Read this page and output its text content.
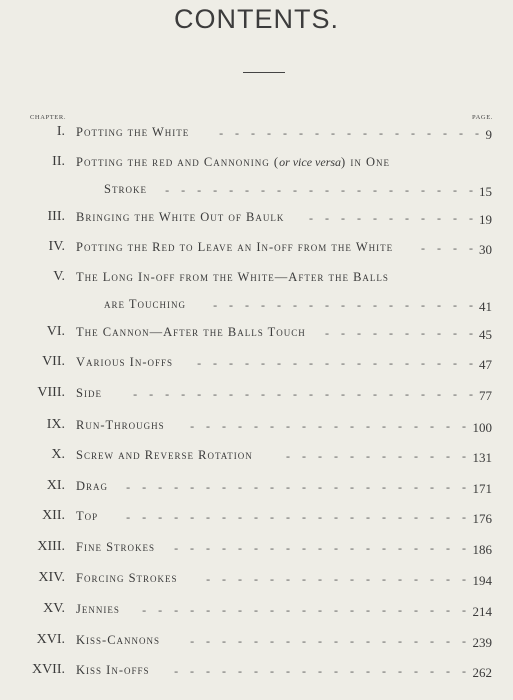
CONTENTS.
CHAPTER.	PAGE.
I. Potting the White	- - - - - - - - - - - - - - - - - 9
II. Potting the red and Cannoning (or vice versa) in One
Stroke	- - - - - - - - - - - - - - - - - - - - 15
III. Bringing the White Out of Baulk	- - - - - - - - - - - 19
IV. Potting the Red to Leave an In-off from the White	- - - - 30
V. The Long In-off from the White—After the Balls
are Touching	- - - - - - - - - - - - - - - - - 41
VI. The Cannon—After the Balls Touch	- - - - - - - - - - 45
VII. Various In-offs	- - - - - - - - - - - - - - - - - - 47
VIII. Side	- - - - - - - - - - - - - - - - - - - - - - 77
IX. Run-Throughs	- - - - - - - - - - - - - - - - - - 100
X. Screw and Reverse Rotation	- - - - - - - - - - - - 131
XI. Drag	- - - - - - - - - - - - - - - - - - - - - - 171
XII. Top	- - - - - - - - - - - - - - - - - - - - - - 176
XIII. Fine Strokes	- - - - - - - - - - - - - - - - - - - 186
XIV. Forcing Strokes	- - - - - - - - - - - - - - - - - 194
XV. Jennies	- - - - - - - - - - - - - - - - - - - - - 214
XVI. Kiss-Cannons	- - - - - - - - - - - - - - - - - - 239
XVII. Kiss In-offs	- - - - - - - - - - - - - - - - - - - 262
